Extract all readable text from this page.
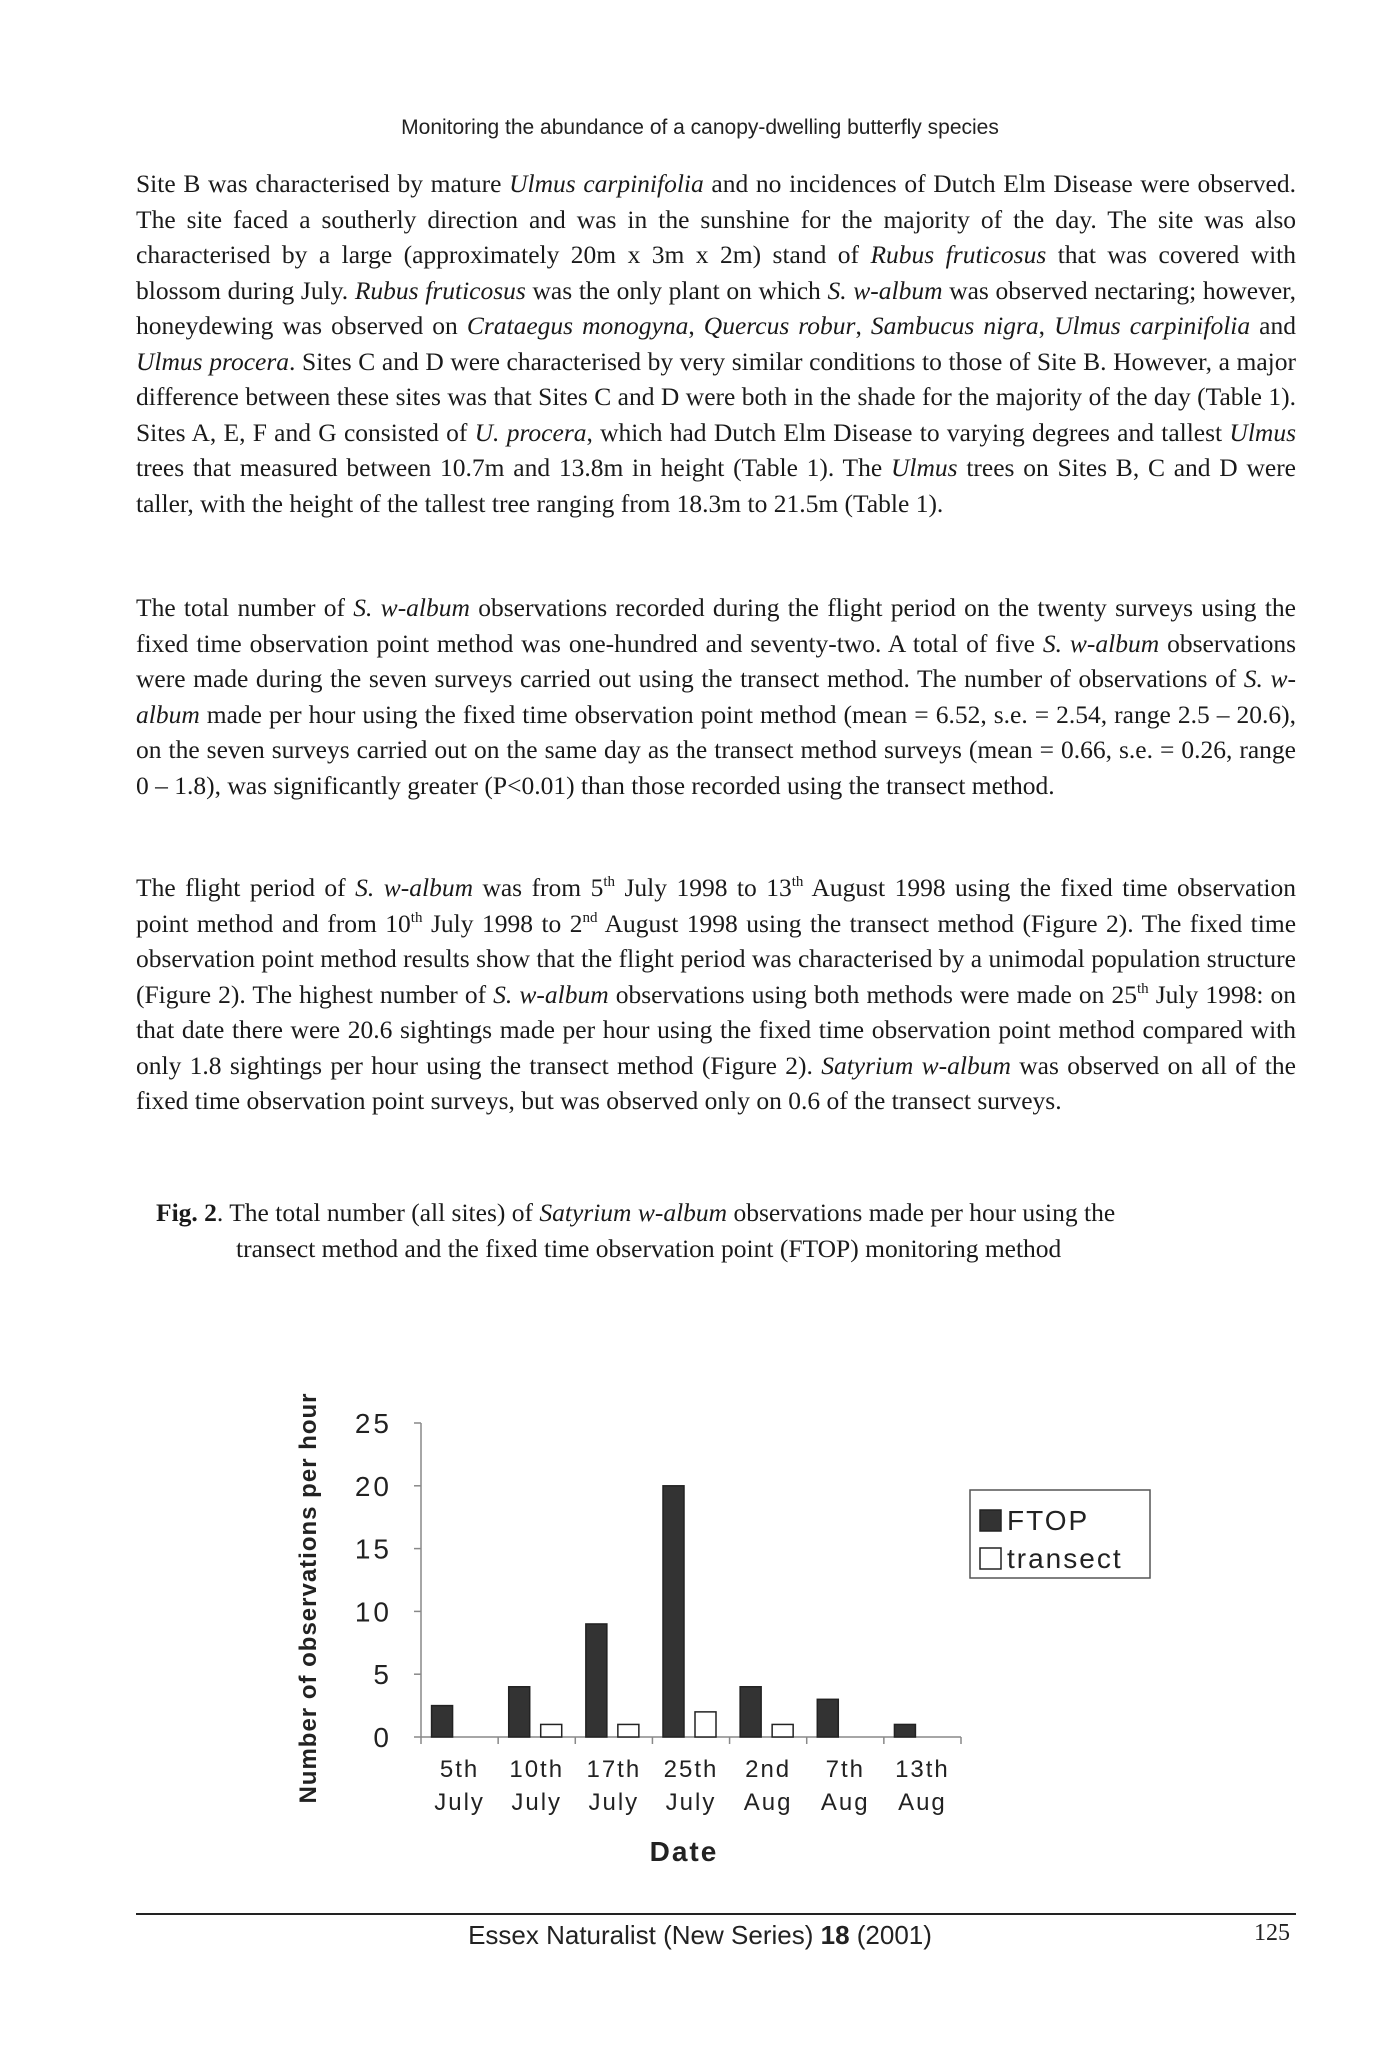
Monitoring the abundance of a canopy-dwelling butterfly species

Site B was characterised by mature Ulmus carpinifolia and no incidences of Dutch Elm Disease were observed. The site faced a southerly direction and was in the sunshine for the majority of the day. The site was also characterised by a large (approximately 20m x 3m x 2m) stand of Rubus fruticosus that was covered with blossom during July. Rubus fruticosus was the only plant on which S. w-album was observed nectaring; however, honeydewing was observed on Crataegus monogyna, Quercus robur, Sambucus nigra, Ulmus carpinifolia and Ulmus procera. Sites C and D were characterised by very similar conditions to those of Site B. However, a major difference between these sites was that Sites C and D were both in the shade for the majority of the day (Table 1). Sites A, E, F and G consisted of U. procera, which had Dutch Elm Disease to varying degrees and tallest Ulmus trees that measured between 10.7m and 13.8m in height (Table 1). The Ulmus trees on Sites B, C and D were taller, with the height of the tallest tree ranging from 18.3m to 21.5m (Table 1).

The total number of S. w-album observations recorded during the flight period on the twenty surveys using the fixed time observation point method was one-hundred and seventy-two. A total of five S. w-album observations were made during the seven surveys carried out using the transect method. The number of observations of S. w-album made per hour using the fixed time observation point method (mean = 6.52, s.e. = 2.54, range 2.5 – 20.6), on the seven surveys carried out on the same day as the transect method surveys (mean = 0.66, s.e. = 0.26, range 0 – 1.8), was significantly greater (P<0.01) than those recorded using the transect method.

The flight period of S. w-album was from 5th July 1998 to 13th August 1998 using the fixed time observation point method and from 10th July 1998 to 2nd August 1998 using the transect method (Figure 2). The fixed time observation point method results show that the flight period was characterised by a unimodal population structure (Figure 2). The highest number of S. w-album observations using both methods were made on 25th July 1998: on that date there were 20.6 sightings made per hour using the fixed time observation point method compared with only 1.8 sightings per hour using the transect method (Figure 2). Satyrium w-album was observed on all of the fixed time observation point surveys, but was observed only on 0.6 of the transect surveys.

Fig. 2. The total number (all sites) of Satyrium w-album observations made per hour using the
transect method and the fixed time observation point (FTOP) monitoring method
Number of observations per hour
Date
0
5
10
15
20
25
5th
July
10th
July
17th
July
25th
July
2nd
Aug
7th
Aug
13th
Aug
FTOP
transect
Essex Naturalist (New Series) 18 (2001)	125
